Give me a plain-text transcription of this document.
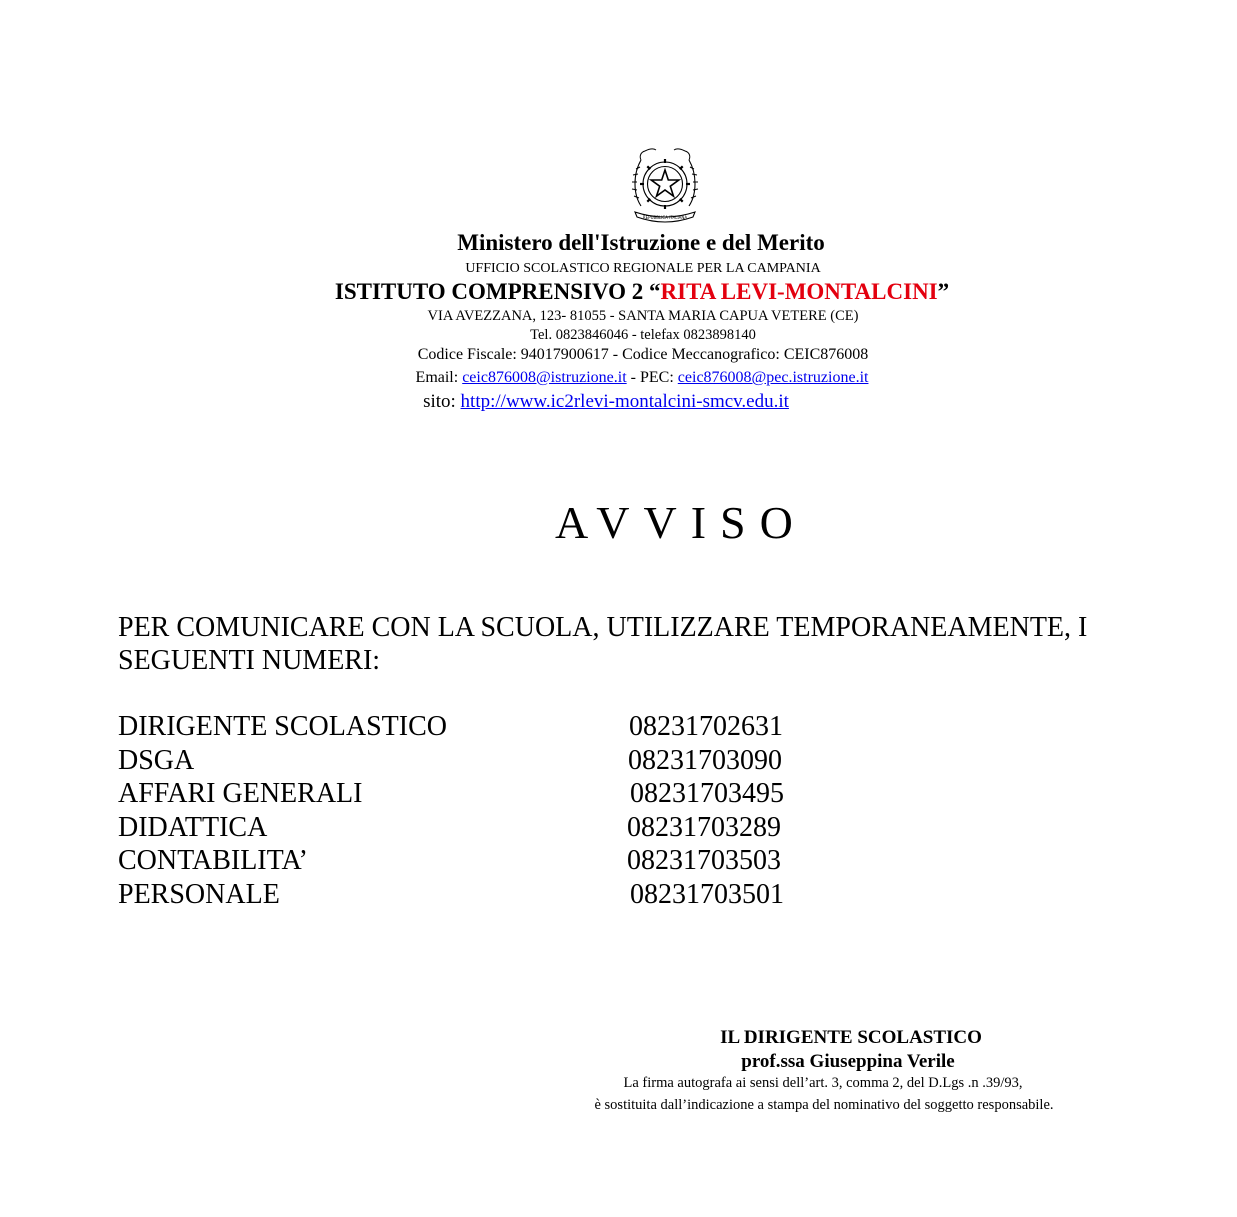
REPUBBLICA ITALIANA
Ministero dell'Istruzione e del Merito
UFFICIO SCOLASTICO REGIONALE PER LA CAMPANIA
ISTITUTO COMPRENSIVO 2 “RITA LEVI-MONTALCINI”
VIA AVEZZANA, 123- 81055 - SANTA MARIA CAPUA VETERE (CE)
Tel. 0823846046 - telefax 0823898140
Codice Fiscale: 94017900617 - Codice Meccanografico: CEIC876008
Email: ceic876008@istruzione.it - PEC: ceic876008@pec.istruzione.it
sito: http://www.ic2rlevi-montalcini-smcv.edu.it
AVVISO
PER COMUNICARE CON LA SCUOLA, UTILIZZARE TEMPORANEAMENTE, I SEGUENTI NUMERI:
DIRIGENTE SCOLASTICO	08231702631
DSGA	08231703090
AFFARI GENERALI	08231703495
DIDATTICA	08231703289
CONTABILITA’	08231703503
PERSONALE	08231703501
IL DIRIGENTE SCOLASTICO
prof.ssa Giuseppina Verile
La firma autografa ai sensi dell’art. 3, comma 2, del D.Lgs .n .39/93,
è sostituita dall’indicazione a stampa del nominativo del soggetto responsabile.
